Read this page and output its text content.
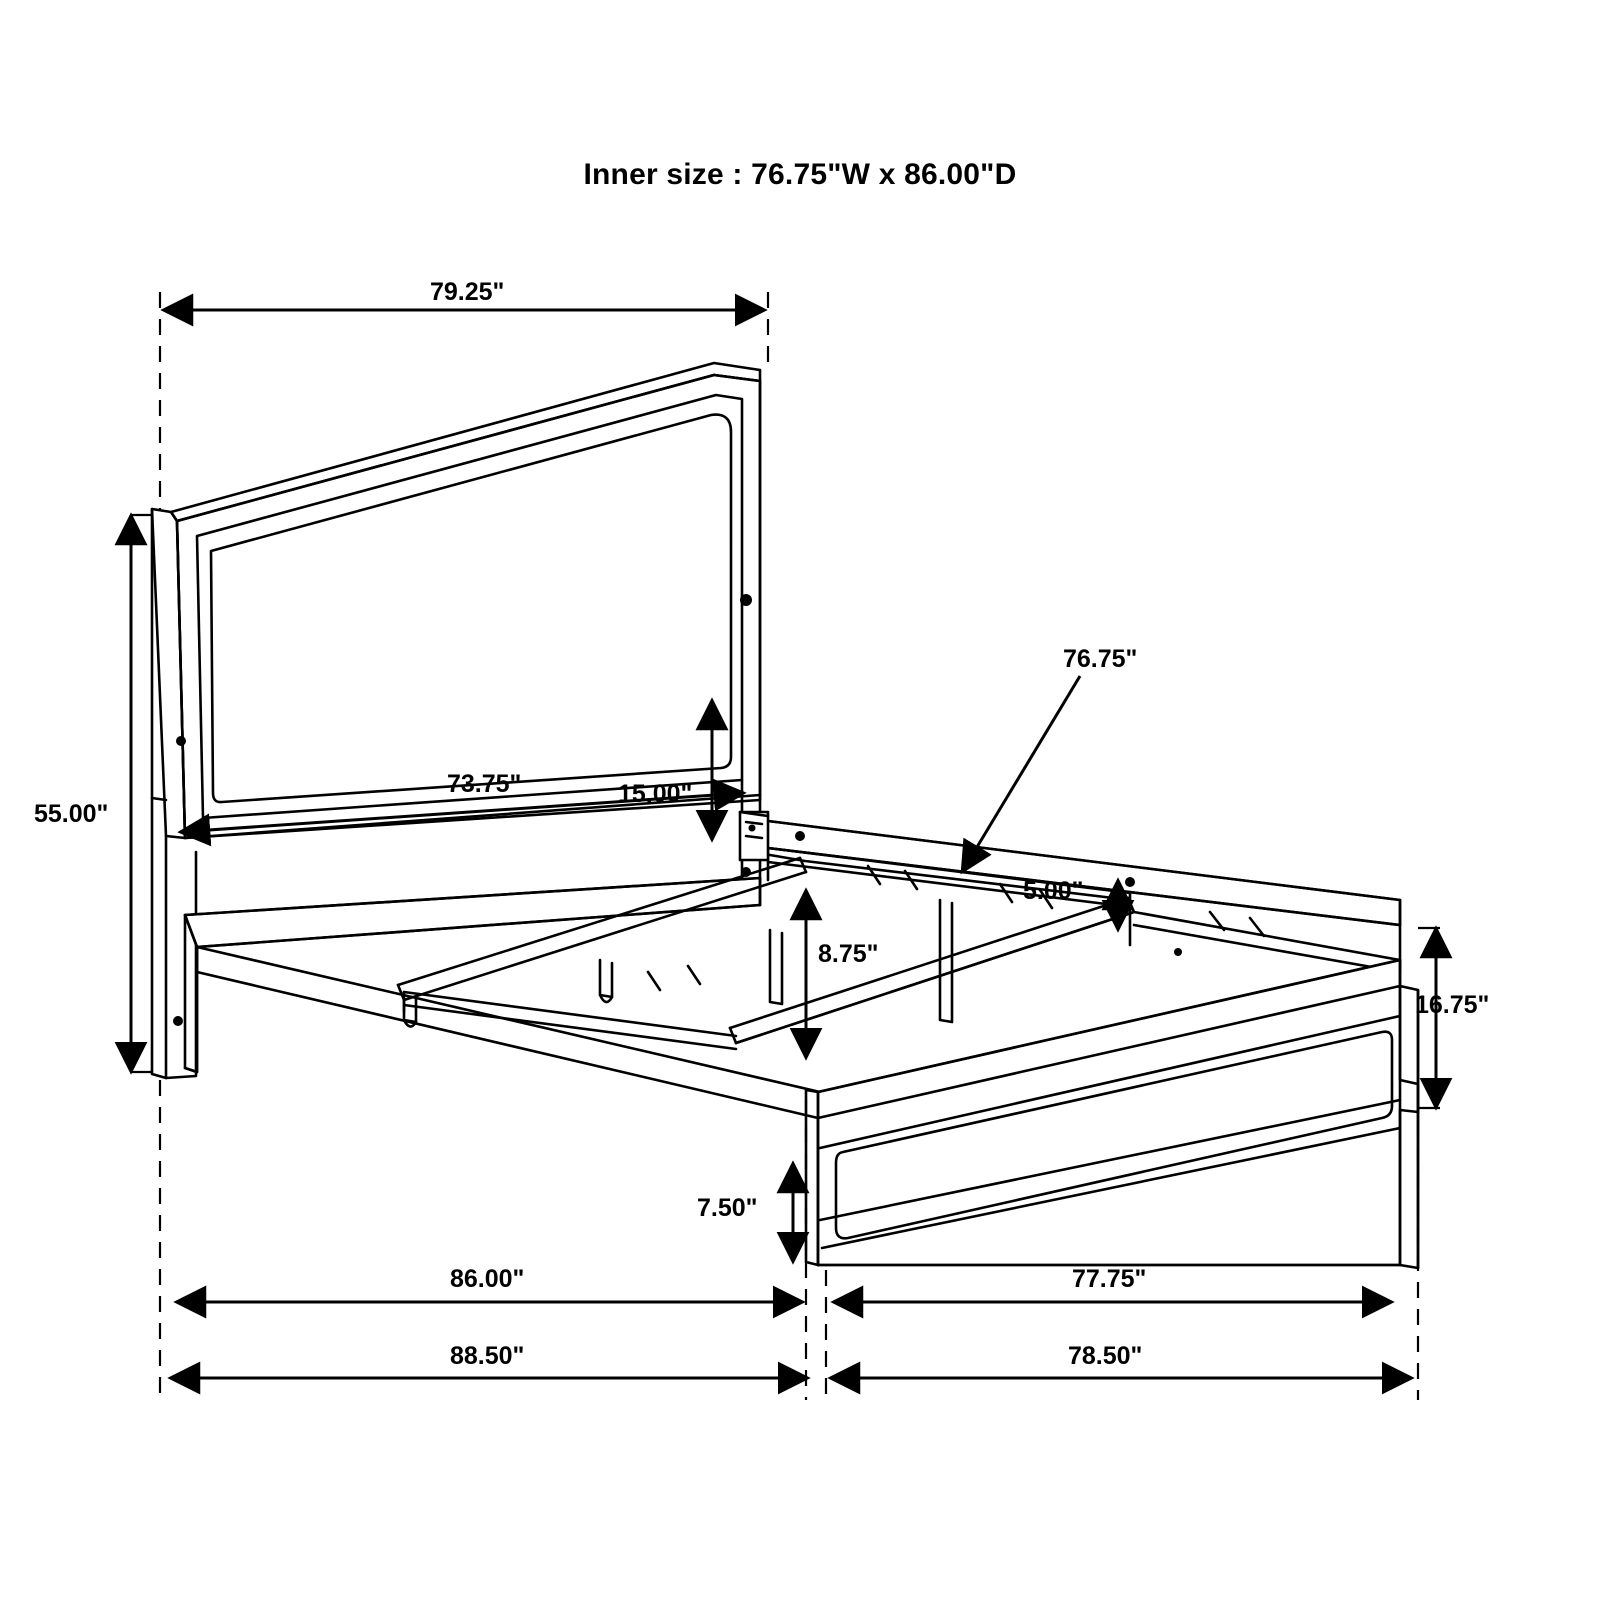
Inner size : 76.75"W x 86.00"D
79.25"
55.00"
73.75"	15.00"
76.75"
5.00"
8.75"
16.75"
7.50"
86.00"	77.75"
88.50"	78.50"
